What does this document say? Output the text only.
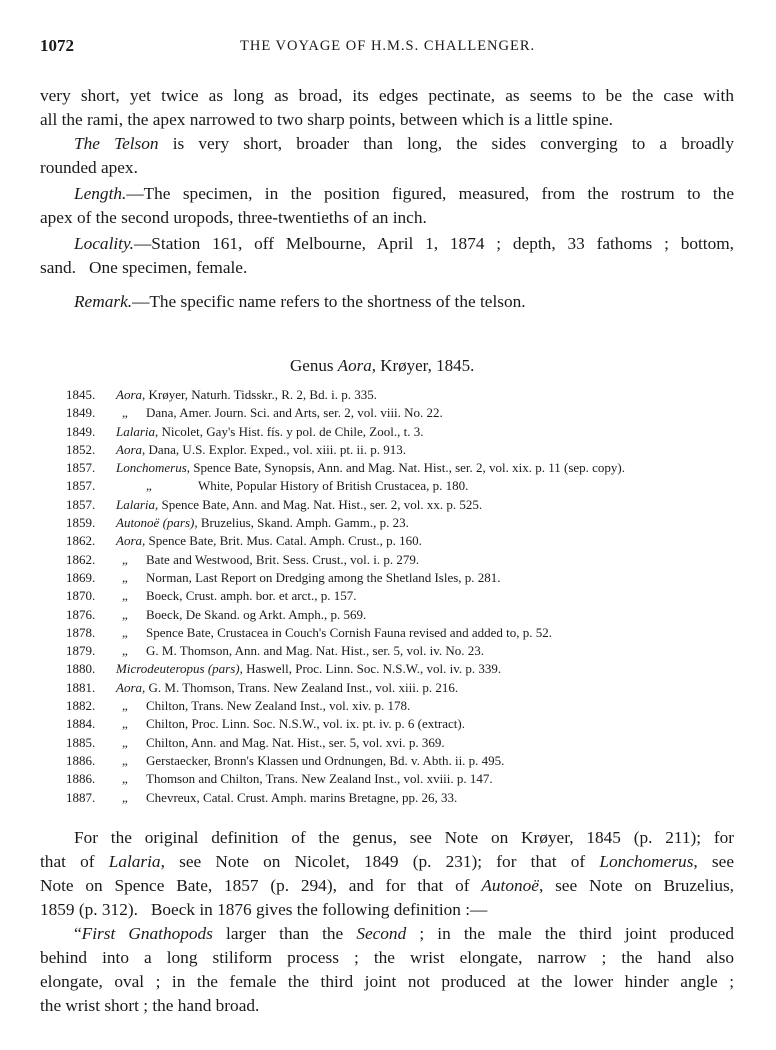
1072	THE VOYAGE OF H.M.S. CHALLENGER.
very short, yet twice as long as broad, its edges pectinate, as seems to be the case with
all the rami, the apex narrowed to two sharp points, between which is a little spine.
The Telson is very short, broader than long, the sides converging to a broadly
rounded apex.
Length.—The specimen, in the position figured, measured, from the rostrum to the
apex of the second uropods, three-twentieths of an inch.
Locality.—Station 161, off Melbourne, April 1, 1874 ; depth, 33 fathoms ; bottom,
sand.   One specimen, female.
Remark.—The specific name refers to the shortness of the telson.
Genus Aora, Krøyer, 1845.
1845. Aora, Krøyer, Naturh. Tidsskr., R. 2, Bd. i. p. 335.
1849. „ Dana, Amer. Journ. Sci. and Arts, ser. 2, vol. viii. No. 22.
1849. Lalaria, Nicolet, Gay's Hist. fís. y pol. de Chile, Zool., t. 3.
1852. Aora, Dana, U.S. Explor. Exped., vol. xiii. pt. ii. p. 913.
1857. Lonchomerus, Spence Bate, Synopsis, Ann. and Mag. Nat. Hist., ser. 2, vol. xix. p. 11 (sep. copy).
1857.	„	White, Popular History of British Crustacea, p. 180.
1857. Lalaria, Spence Bate, Ann. and Mag. Nat. Hist., ser. 2, vol. xx. p. 525.
1859. Autonoë (pars), Bruzelius, Skand. Amph. Gamm., p. 23.
1862. Aora, Spence Bate, Brit. Mus. Catal. Amph. Crust., p. 160.
1862. „ Bate and Westwood, Brit. Sess. Crust., vol. i. p. 279.
1869. „ Norman, Last Report on Dredging among the Shetland Isles, p. 281.
1870. „ Boeck, Crust. amph. bor. et arct., p. 157.
1876. „ Boeck, De Skand. og Arkt. Amph., p. 569.
1878. „ Spence Bate, Crustacea in Couch's Cornish Fauna revised and added to, p. 52.
1879. „ G. M. Thomson, Ann. and Mag. Nat. Hist., ser. 5, vol. iv. No. 23.
1880. Microdeuteropus (pars), Haswell, Proc. Linn. Soc. N.S.W., vol. iv. p. 339.
1881. Aora, G. M. Thomson, Trans. New Zealand Inst., vol. xiii. p. 216.
1882. „ Chilton, Trans. New Zealand Inst., vol. xiv. p. 178.
1884. „ Chilton, Proc. Linn. Soc. N.S.W., vol. ix. pt. iv. p. 6 (extract).
1885. „ Chilton, Ann. and Mag. Nat. Hist., ser. 5, vol. xvi. p. 369.
1886. „ Gerstaecker, Bronn's Klassen und Ordnungen, Bd. v. Abth. ii. p. 495.
1886. „ Thomson and Chilton, Trans. New Zealand Inst., vol. xviii. p. 147.
1887. „ Chevreux, Catal. Crust. Amph. marins Bretagne, pp. 26, 33.
For the original definition of the genus, see Note on Krøyer, 1845 (p. 211); for
that of Lalaria, see Note on Nicolet, 1849 (p. 231); for that of Lonchomerus, see
Note on Spence Bate, 1857 (p. 294), and for that of Autonoë, see Note on Bruzelius,
1859 (p. 312).   Boeck in 1876 gives the following definition :—
“First Gnathopods larger than the Second ; in the male the third joint produced
behind into a long stiliform process ; the wrist elongate, narrow ; the hand also
elongate, oval ; in the female the third joint not produced at the lower hinder angle ;
the wrist short ; the hand broad.
